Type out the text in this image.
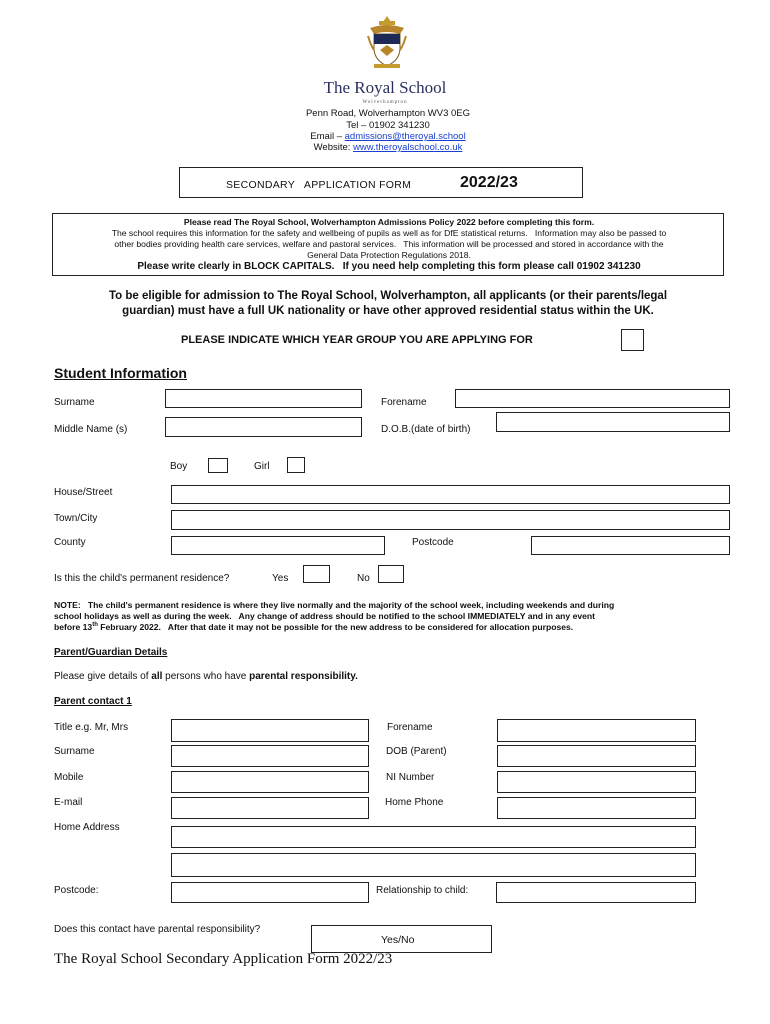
The Royal School
Wolverhampton
Penn Road, Wolverhampton WV3 0EG
Tel – 01902 341230
Email – admissions@theroyal.school
Website: www.theroyalschool.co.uk
SECONDARY   APPLICATION FORM	2022/23
Please read The Royal School, Wolverhampton Admissions Policy 2022 before completing this form.
The school requires this information for the safety and wellbeing of pupils as well as for DfE statistical returns.   Information may also be passed to
other bodies providing health care services, welfare and pastoral services.   This information will be processed and stored in accordance with the
General Data Protection Regulations 2018.
Please write clearly in BLOCK CAPITALS.   If you need help completing this form please call 01902 341230
To be eligible for admission to The Royal School, Wolverhampton, all applicants (or their parents/legal
guardian) must have a full UK nationality or have other approved residential status within the UK.
PLEASE INDICATE WHICH YEAR GROUP YOU ARE APPLYING FOR
Student Information
Surname	Forename
Middle Name (s)	D.O.B.(date of birth)
Boy	Girl
House/Street
Town/City
County	Postcode
Is this the child's permanent residence?	Yes	No
NOTE:   The child's permanent residence is where they live normally and the majority of the school week, including weekends and during
school holidays as well as during the week.   Any change of address should be notified to the school IMMEDIATELY and in any event
before 13th February 2022.   After that date it may not be possible for the new address to be considered for allocation purposes.
Parent/Guardian Details
Please give details of all persons who have parental responsibility.
Parent contact 1
Title e.g. Mr, Mrs	Forename
Surname	DOB (Parent)
Mobile	NI Number
E-mail	Home Phone
Home Address
Postcode:	Relationship to child:
Does this contact have parental responsibility?
Yes/No
The Royal School Secondary Application Form 2022/23
